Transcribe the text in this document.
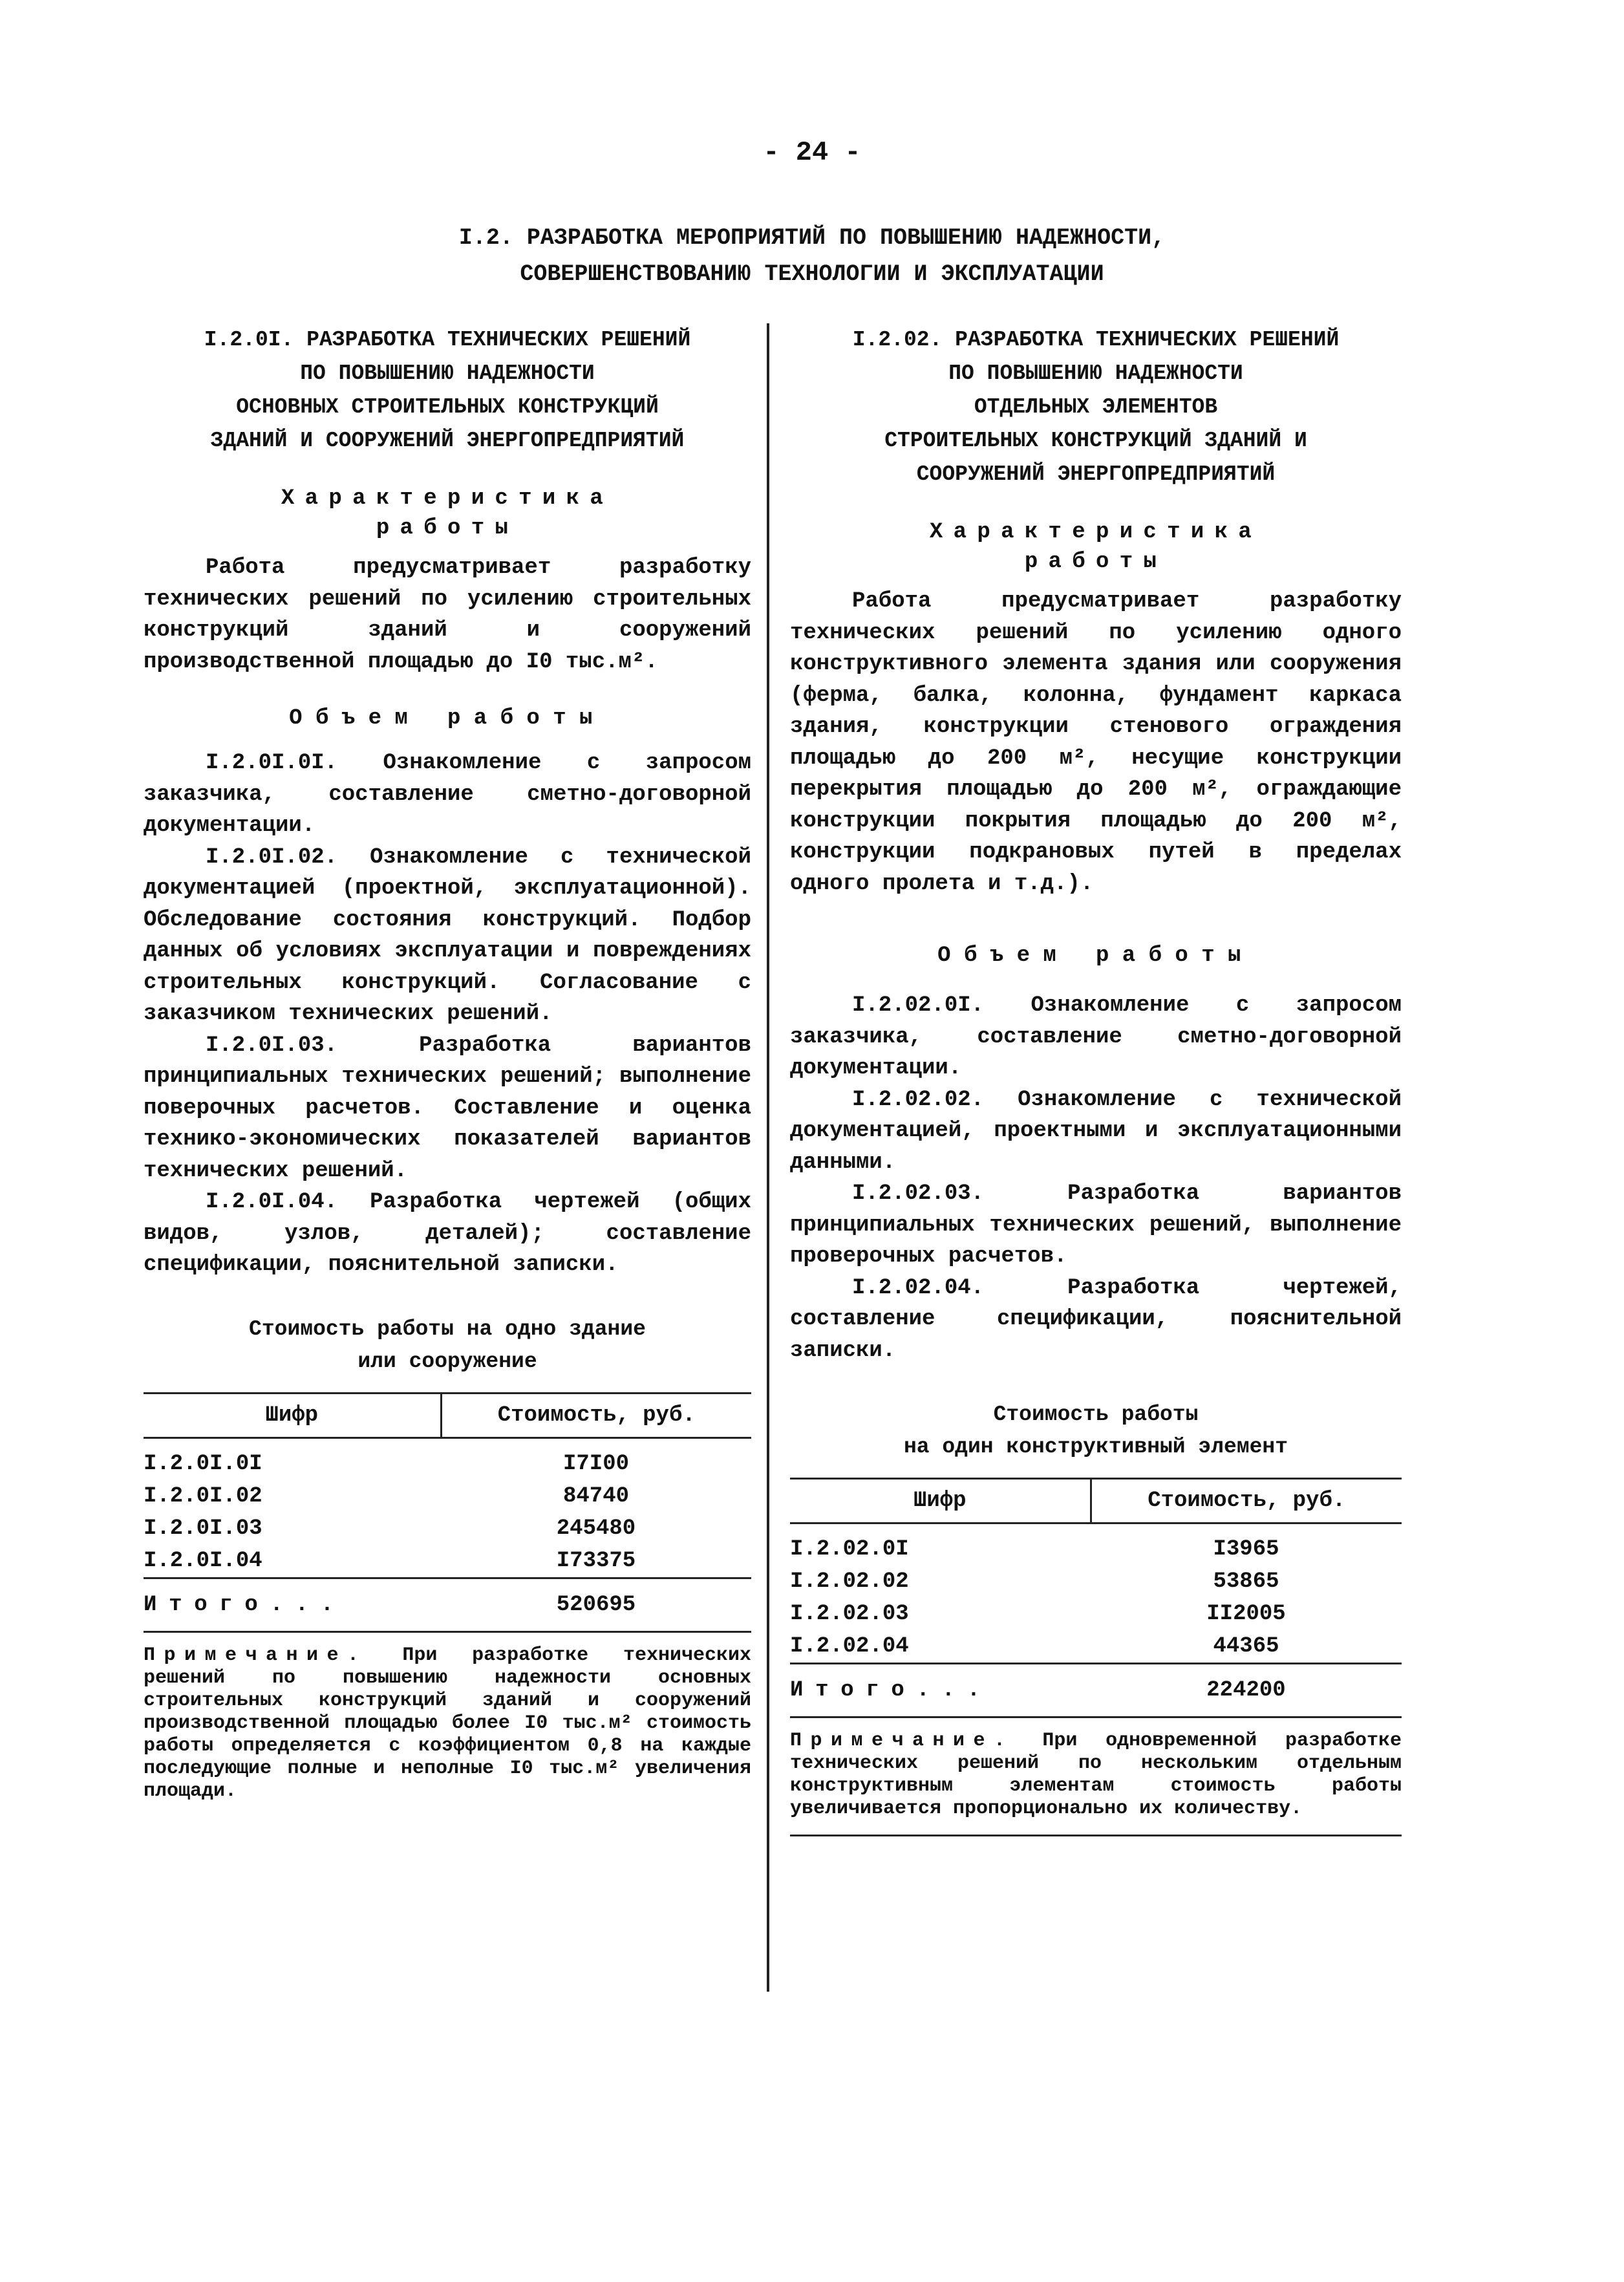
- 24 -
I.2. РАЗРАБОТКА МЕРОПРИЯТИЙ ПО ПОВЫШЕНИЮ НАДЕЖНОСТИ,
СОВЕРШЕНСТВОВАНИЮ ТЕХНОЛОГИИ И ЭКСПЛУАТАЦИИ
I.2.0I. РАЗРАБОТКА ТЕХНИЧЕСКИХ РЕШЕНИЙ
ПО ПОВЫШЕНИЮ НАДЕЖНОСТИ
ОСНОВНЫХ СТРОИТЕЛЬНЫХ КОНСТРУКЦИЙ
ЗДАНИЙ И СООРУЖЕНИЙ ЭНЕРГОПРЕДПРИЯТИЙ
Характеристика
работы

Работа предусматривает разработку технических решений по усилению строительных конструкций зданий и сооружений производственной площадью до I0 тыс.м².

Объем работы

I.2.0I.0I. Ознакомление с запросом заказчика, составление сметно-договорной документации.

I.2.0I.02. Ознакомление с технической документацией (проектной, эксплуатационной). Обследование состояния конструкций. Подбор данных об условиях эксплуатации и повреждениях строительных конструкций. Согласование с заказчиком технических решений.

I.2.0I.03. Разработка вариантов принципиальных технических решений; выполнение поверочных расчетов. Составление и оценка технико-экономических показателей вариантов технических решений.

I.2.0I.04. Разработка чертежей (общих видов, узлов, деталей); составление спецификации, пояснительной записки.

Стоимость работы на одно здание
или сооружение
Шифр	Стоимость, руб.
I.2.0I.0I	I7I00
I.2.0I.02	84740
I.2.0I.03	245480
I.2.0I.04	I73375
Итого...	520695

Примечание. При разработке технических решений по повышению надежности основных строительных конструкций зданий и сооружений производственной площадью более I0 тыс.м² стоимость работы определяется с коэффициентом 0,8 на каждые последующие полные и неполные I0 тыс.м² увеличения площади.

I.2.02. РАЗРАБОТКА ТЕХНИЧЕСКИХ РЕШЕНИЙ
ПО ПОВЫШЕНИЮ НАДЕЖНОСТИ
ОТДЕЛЬНЫХ ЭЛЕМЕНТОВ
СТРОИТЕЛЬНЫХ КОНСТРУКЦИЙ ЗДАНИЙ И
СООРУЖЕНИЙ ЭНЕРГОПРЕДПРИЯТИЙ
Характеристика
работы

Работа предусматривает разработку технических решений по усилению одного конструктивного элемента здания или сооружения (ферма, балка, колонна, фундамент каркаса здания, конструкции стенового ограждения площадью до 200 м², несущие конструкции перекрытия площадью до 200 м², ограждающие конструкции покрытия площадью до 200 м², конструкции подкрановых путей в пределах одного пролета и т.д.).

Объем работы

I.2.02.0I. Ознакомление с запросом заказчика, составление сметно-договорной документации.

I.2.02.02. Ознакомление с технической документацией, проектными и эксплуатационными данными.

I.2.02.03. Разработка вариантов принципиальных технических решений, выполнение проверочных расчетов.

I.2.02.04. Разработка чертежей, составление спецификации, пояснительной записки.

Стоимость работы
на один конструктивный элемент
Шифр	Стоимость, руб.
I.2.02.0I	I3965
I.2.02.02	53865
I.2.02.03	II2005
I.2.02.04	44365
Итого...	224200

Примечание. При одновременной разработке технических решений по нескольким отдельным конструктивным элементам стоимость работы увеличивается пропорционально их количеству.
